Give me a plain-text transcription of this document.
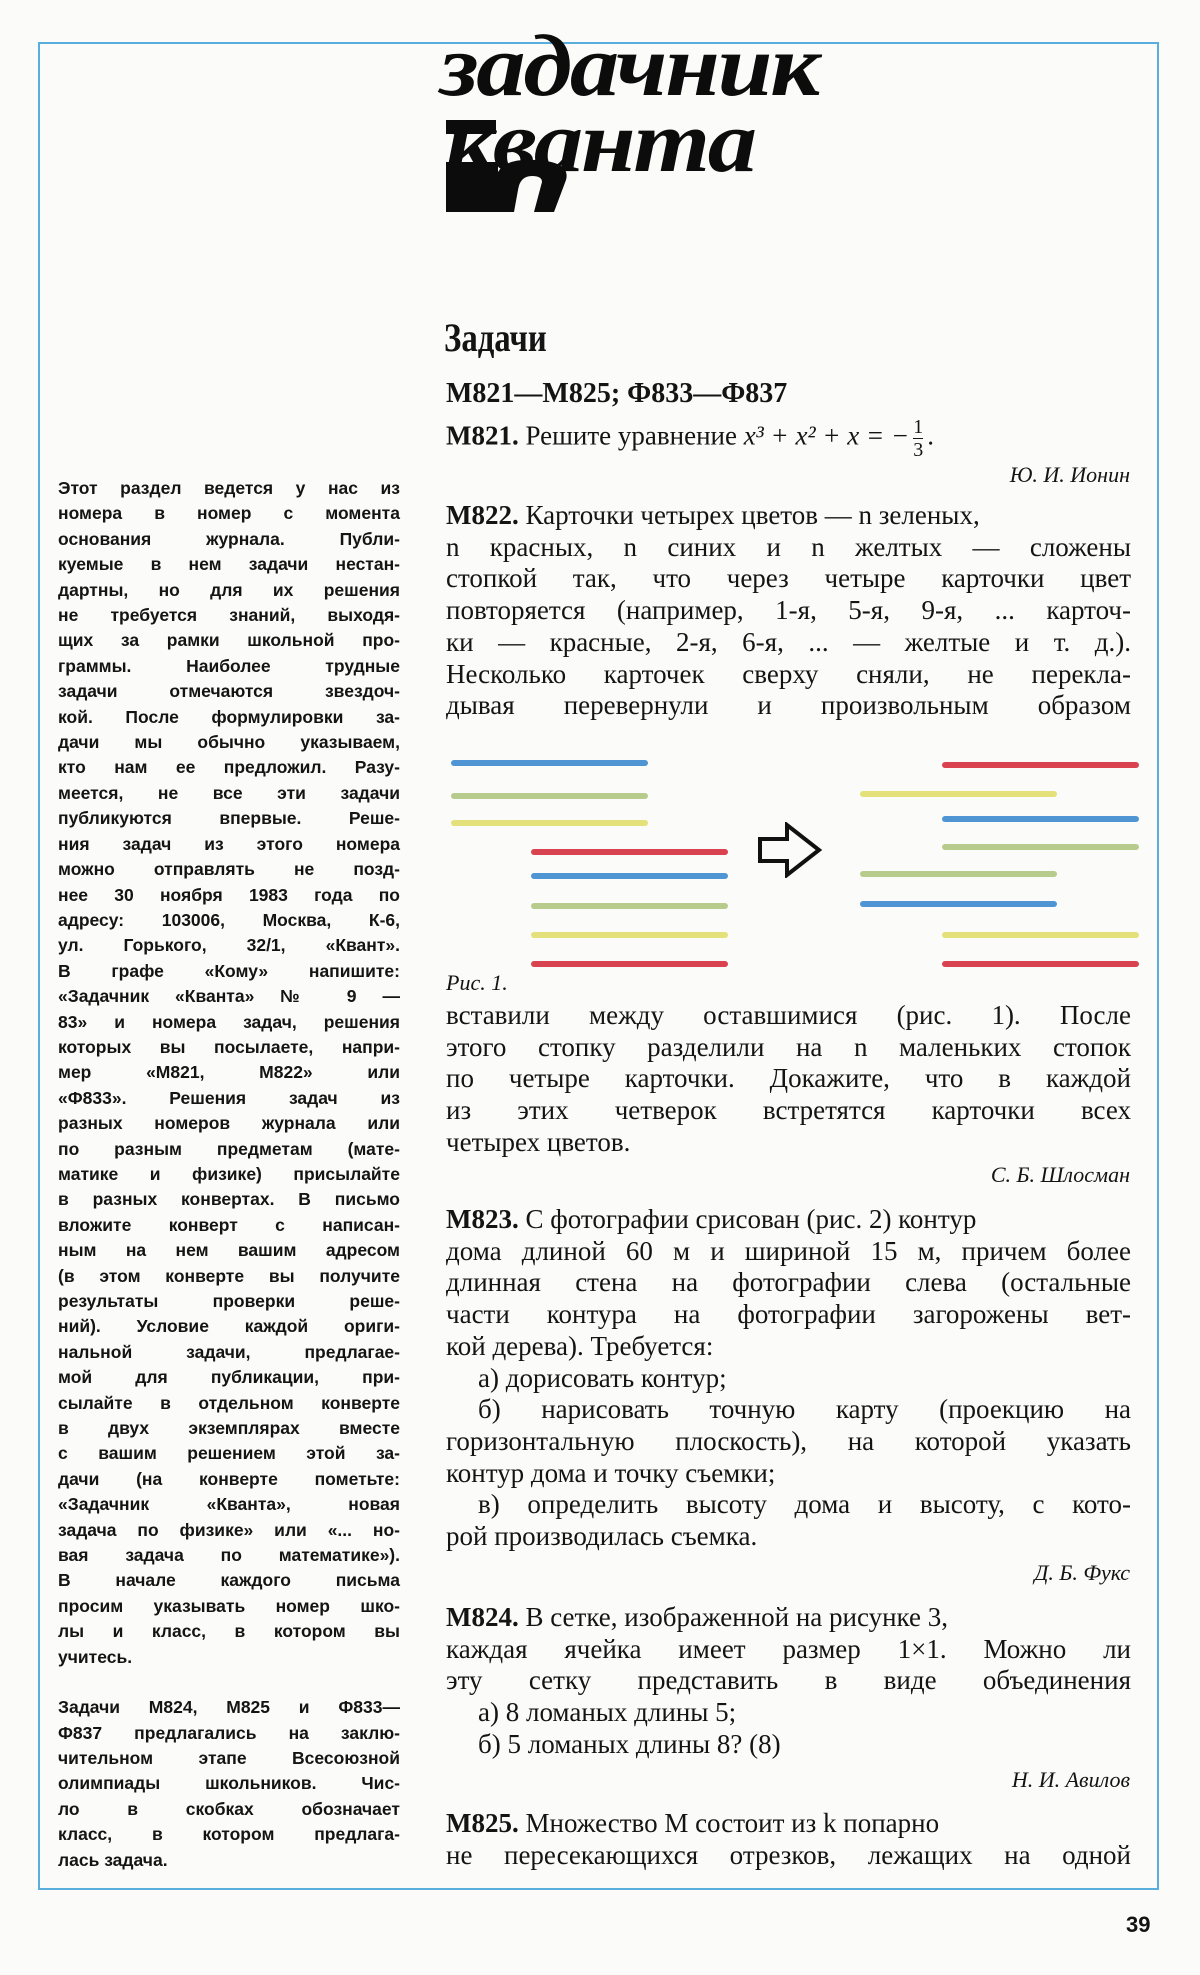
задачник
кванта
Этот раздел ведется у нас из
номера в номер с момента
основания журнала. Публи-
куемые в нем задачи нестан-
дартны, но для их решения
не требуется знаний, выходя-
щих за рамки школьной про-
граммы. Наиболее трудные
задачи отмечаются звездоч-
кой. После формулировки за-
дачи мы обычно указываем,
кто нам ее предложил. Разу-
меется, не все эти задачи
публикуются впервые. Реше-
ния задач из этого номера
можно отправлять не позд-
нее 30 ноября 1983 года по
адресу: 103006, Москва, К-6,
ул. Горького, 32/1, «Квант».
В графе «Кому» напишите:
«Задачник «Кванта» № 9 —
83» и номера задач, решения
которых вы посылаете, напри-
мер «М821, М822» или
«Ф833». Решения задач из
разных номеров журнала или
по разным предметам (мате-
матике и физике) присылайте
в разных конвертах. В письмо
вложите конверт с написан-
ным на нем вашим адресом
(в этом конверте вы получите
результаты проверки реше-
ний). Условие каждой ориги-
нальной задачи, предлагае-
мой для публикации, при-
сылайте в отдельном конверте
в двух экземплярах вместе
с вашим решением этой за-
дачи (на конверте пометьте:
«Задачник «Кванта», новая
задача по физике» или «... но-
вая задача по математике»).
В начале каждого письма
просим указывать номер шко-
лы и класс, в котором вы
учитесь.
Задачи М824, М825 и Ф833—
Ф837 предлагались на заклю-
чительном этапе Всесоюзной
олимпиады школьников. Чис-
ло в скобках обозначает
класс, в котором предлага-
лась задача.
Задачи
М821—М825; Ф833—Ф837
М821. Решите уравнение x³ + x² + x = − $\frac{1}{3}$ .
Ю. И. Ионин
М822. Карточки четырех цветов — n зеленых,
n красных, n синих и n желтых — сложены
стопкой так, что через четыре карточки цвет
повторяется (например, 1-я, 5-я, 9-я, ... карточ-
ки — красные, 2-я, 6-я, ... — желтые и т. д.).
Несколько карточек сверху сняли, не перекла-
дывая перевернули и произвольным образом
Рис. 1.
вставили между оставшимися (рис. 1). После
этого стопку разделили на n маленьких стопок
по четыре карточки. Докажите, что в каждой
из этих четверок встретятся карточки всех
четырех цветов.
С. Б. Шлосман
М823. С фотографии срисован (рис. 2) контур
дома длиной 60 м и шириной 15 м, причем более
длинная стена на фотографии слева (остальные
части контура на фотографии загорожены вет-
кой дерева). Требуется:
а) дорисовать контур;
б) нарисовать точную карту (проекцию на
горизонтальную плоскость), на которой указать
контур дома и точку съемки;
в) определить высоту дома и высоту, с кото-
рой производилась съемка.
Д. Б. Фукс
М824. В сетке, изображенной на рисунке 3,
каждая ячейка имеет размер 1×1. Можно ли
эту сетку представить в виде объединения
а) 8 ломаных длины 5;
б) 5 ломаных длины 8? (8)
Н. И. Авилов
М825. Множество M состоит из k попарно
не пересекающихся отрезков, лежащих на одной
39
